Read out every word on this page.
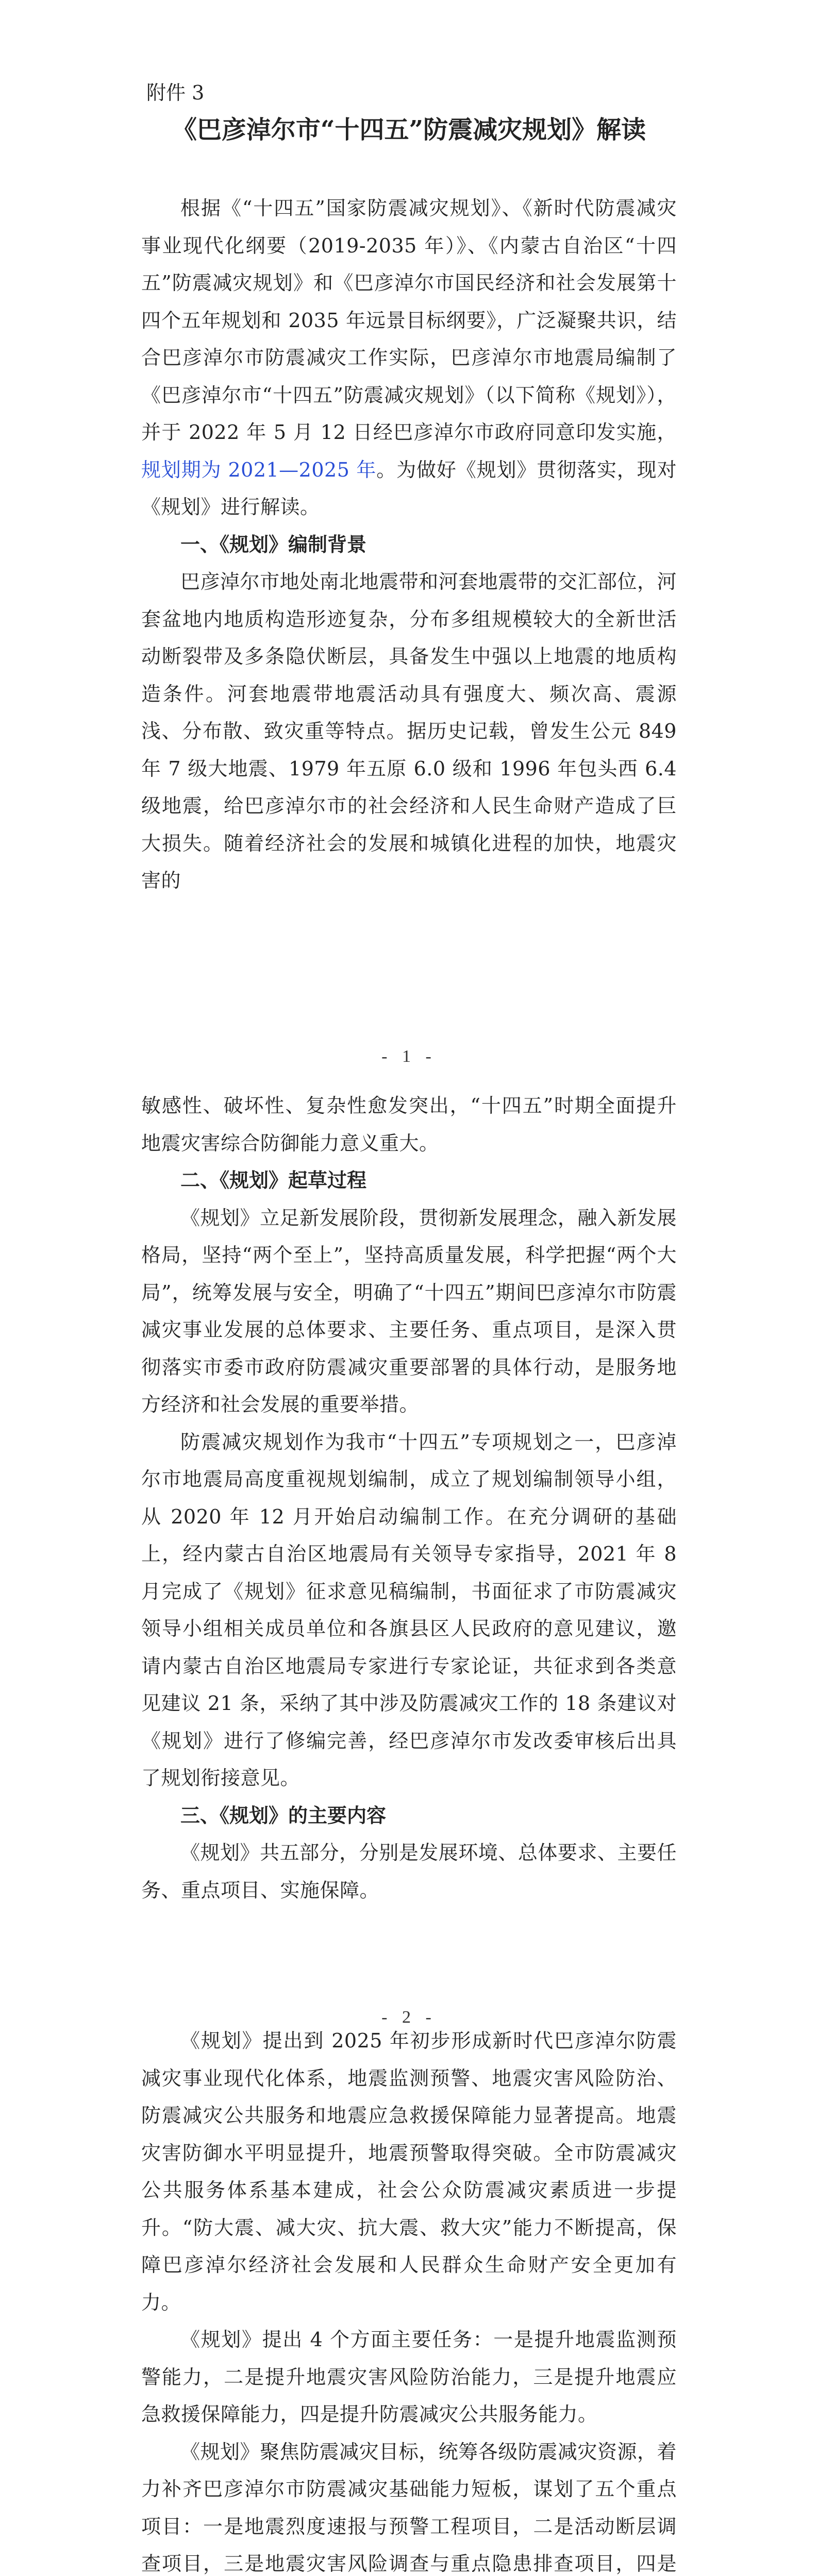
附件 3

《巴彦淖尔市“十四五”防震减灾规划》解读

根据《“十四五”国家防震减灾规划》、《新时代防震减灾事业现代化纲要（2019-2035 年）》、《内蒙古自治区“十四五”防震减灾规划》和《巴彦淖尔市国民经济和社会发展第十四个五年规划和 2035 年远景目标纲要》，广泛凝聚共识，结合巴彦淖尔市防震减灾工作实际，巴彦淖尔市地震局编制了《巴彦淖尔市“十四五”防震减灾规划》（以下简称《规划》），并于 2022 年 5 月 12 日经巴彦淖尔市政府同意印发实施，规划期为 2021—2025 年。为做好《规划》贯彻落实，现对《规划》进行解读。

一、《规划》编制背景

巴彦淖尔市地处南北地震带和河套地震带的交汇部位，河套盆地内地质构造形迹复杂，分布多组规模较大的全新世活动断裂带及多条隐伏断层，具备发生中强以上地震的地质构造条件。河套地震带地震活动具有强度大、频次高、震源浅、分布散、致灾重等特点。据历史记载，曾发生公元 849 年 7 级大地震、1979 年五原 6.0 级和 1996 年包头西 6.4 级地震，给巴彦淖尔市的社会经济和人民生命财产造成了巨大损失。随着经济社会的发展和城镇化进程的加快，地震灾害的

- 1 -

敏感性、破坏性、复杂性愈发突出，“十四五”时期全面提升地震灾害综合防御能力意义重大。

二、《规划》起草过程

《规划》立足新发展阶段，贯彻新发展理念，融入新发展格局，坚持“两个至上”，坚持高质量发展，科学把握“两个大局”，统筹发展与安全，明确了“十四五”期间巴彦淖尔市防震减灾事业发展的总体要求、主要任务、重点项目，是深入贯彻落实市委市政府防震减灾重要部署的具体行动，是服务地方经济和社会发展的重要举措。

防震减灾规划作为我市“十四五”专项规划之一，巴彦淖尔市地震局高度重视规划编制，成立了规划编制领导小组，从 2020 年 12 月开始启动编制工作。在充分调研的基础上，经内蒙古自治区地震局有关领导专家指导，2021 年 8 月完成了《规划》征求意见稿编制，书面征求了市防震减灾领导小组相关成员单位和各旗县区人民政府的意见建议，邀请内蒙古自治区地震局专家进行专家论证，共征求到各类意见建议 21 条，采纳了其中涉及防震减灾工作的 18 条建议对《规划》进行了修编完善，经巴彦淖尔市发改委审核后出具了规划衔接意见。

三、《规划》的主要内容

《规划》共五部分，分别是发展环境、总体要求、主要任务、重点项目、实施保障。

- 2 -

《规划》提出到 2025 年初步形成新时代巴彦淖尔防震减灾事业现代化体系，地震监测预警、地震灾害风险防治、防震减灾公共服务和地震应急救援保障能力显著提高。地震灾害防御水平明显提升，地震预警取得突破。全市防震减灾公共服务体系基本建成，社会公众防震减灾素质进一步提升。“防大震、减大灾、抗大震、救大灾”能力不断提高，保障巴彦淖尔经济社会发展和人民群众生命财产安全更加有力。

《规划》提出 4 个方面主要任务：一是提升地震监测预警能力，二是提升地震灾害风险防治能力，三是提升地震应急救援保障能力，四是提升防震减灾公共服务能力。

《规划》聚焦防震减灾目标，统筹各级防震减灾资源，着力补齐巴彦淖尔市防震减灾基础能力短板，谋划了五个重点项目：一是地震烈度速报与预警工程项目，二是活动断层调查项目，三是地震灾害风险调查与重点隐患排查项目，四是
